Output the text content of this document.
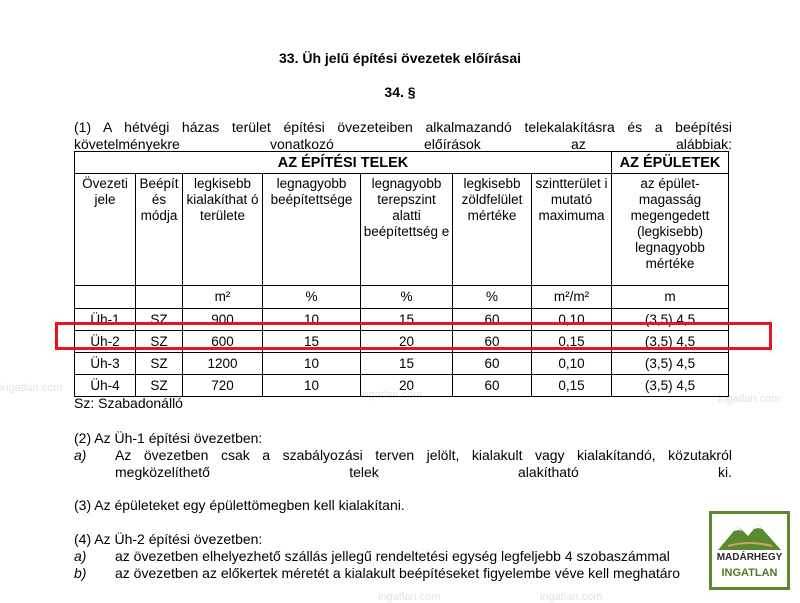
ingatlan.com
ingatlan.com	ingatlan.com
ingatlan.com	ingatlan.com
33. Üh jelű építési övezetek előírásai
34. §
(1) A hétvégi házas terület építési övezeteiben alkalmazandó telekalakításra és a beépítési követelményekre vonatkozó előírások az alábbiak:
AZ ÉPÍTÉSI TELEK							AZ ÉPÜLETEK
Övezeti jele	Beépít és módja	legkisebb kialakíthat ó területe	legnagyobb beépítettsége	legnagyobb terepszint alatti beépítettség e	legkisebb zöldfelület mértéke	szintterület i mutató maximuma	az épület-magasság megengedett (legkisebb) legnagyobb mértéke
		m²	%	%	%	m²/m²	m
Üh-1	SZ	900	10	15	60	0,10	(3,5) 4,5
Üh-2	SZ	600	15	20	60	0,15	(3,5) 4,5
Üh-3	SZ	1200	10	15	60	0,10	(3,5) 4,5
Üh-4	SZ	720	10	20	60	0,15	(3,5) 4,5
Sz: Szabadonálló
(2) Az Üh-1 építési övezetben:
a) Az övezetben csak a szabályozási terven jelölt, kialakult vagy kialakítandó, közutakról megközelíthető telek alakítható ki.
(3) Az épületeket egy épülettömegben kell kialakítani.
(4) Az Üh-2 építési övezetben:
a) az övezetben elhelyezhető szállás jellegű rendeltetési egység legfeljebb 4 szobaszámmal
b) az övezetben az előkertek méretét a kialakult beépítéseket figyelembe véve kell meghatáro
MADÁRHEGY
INGATLAN
